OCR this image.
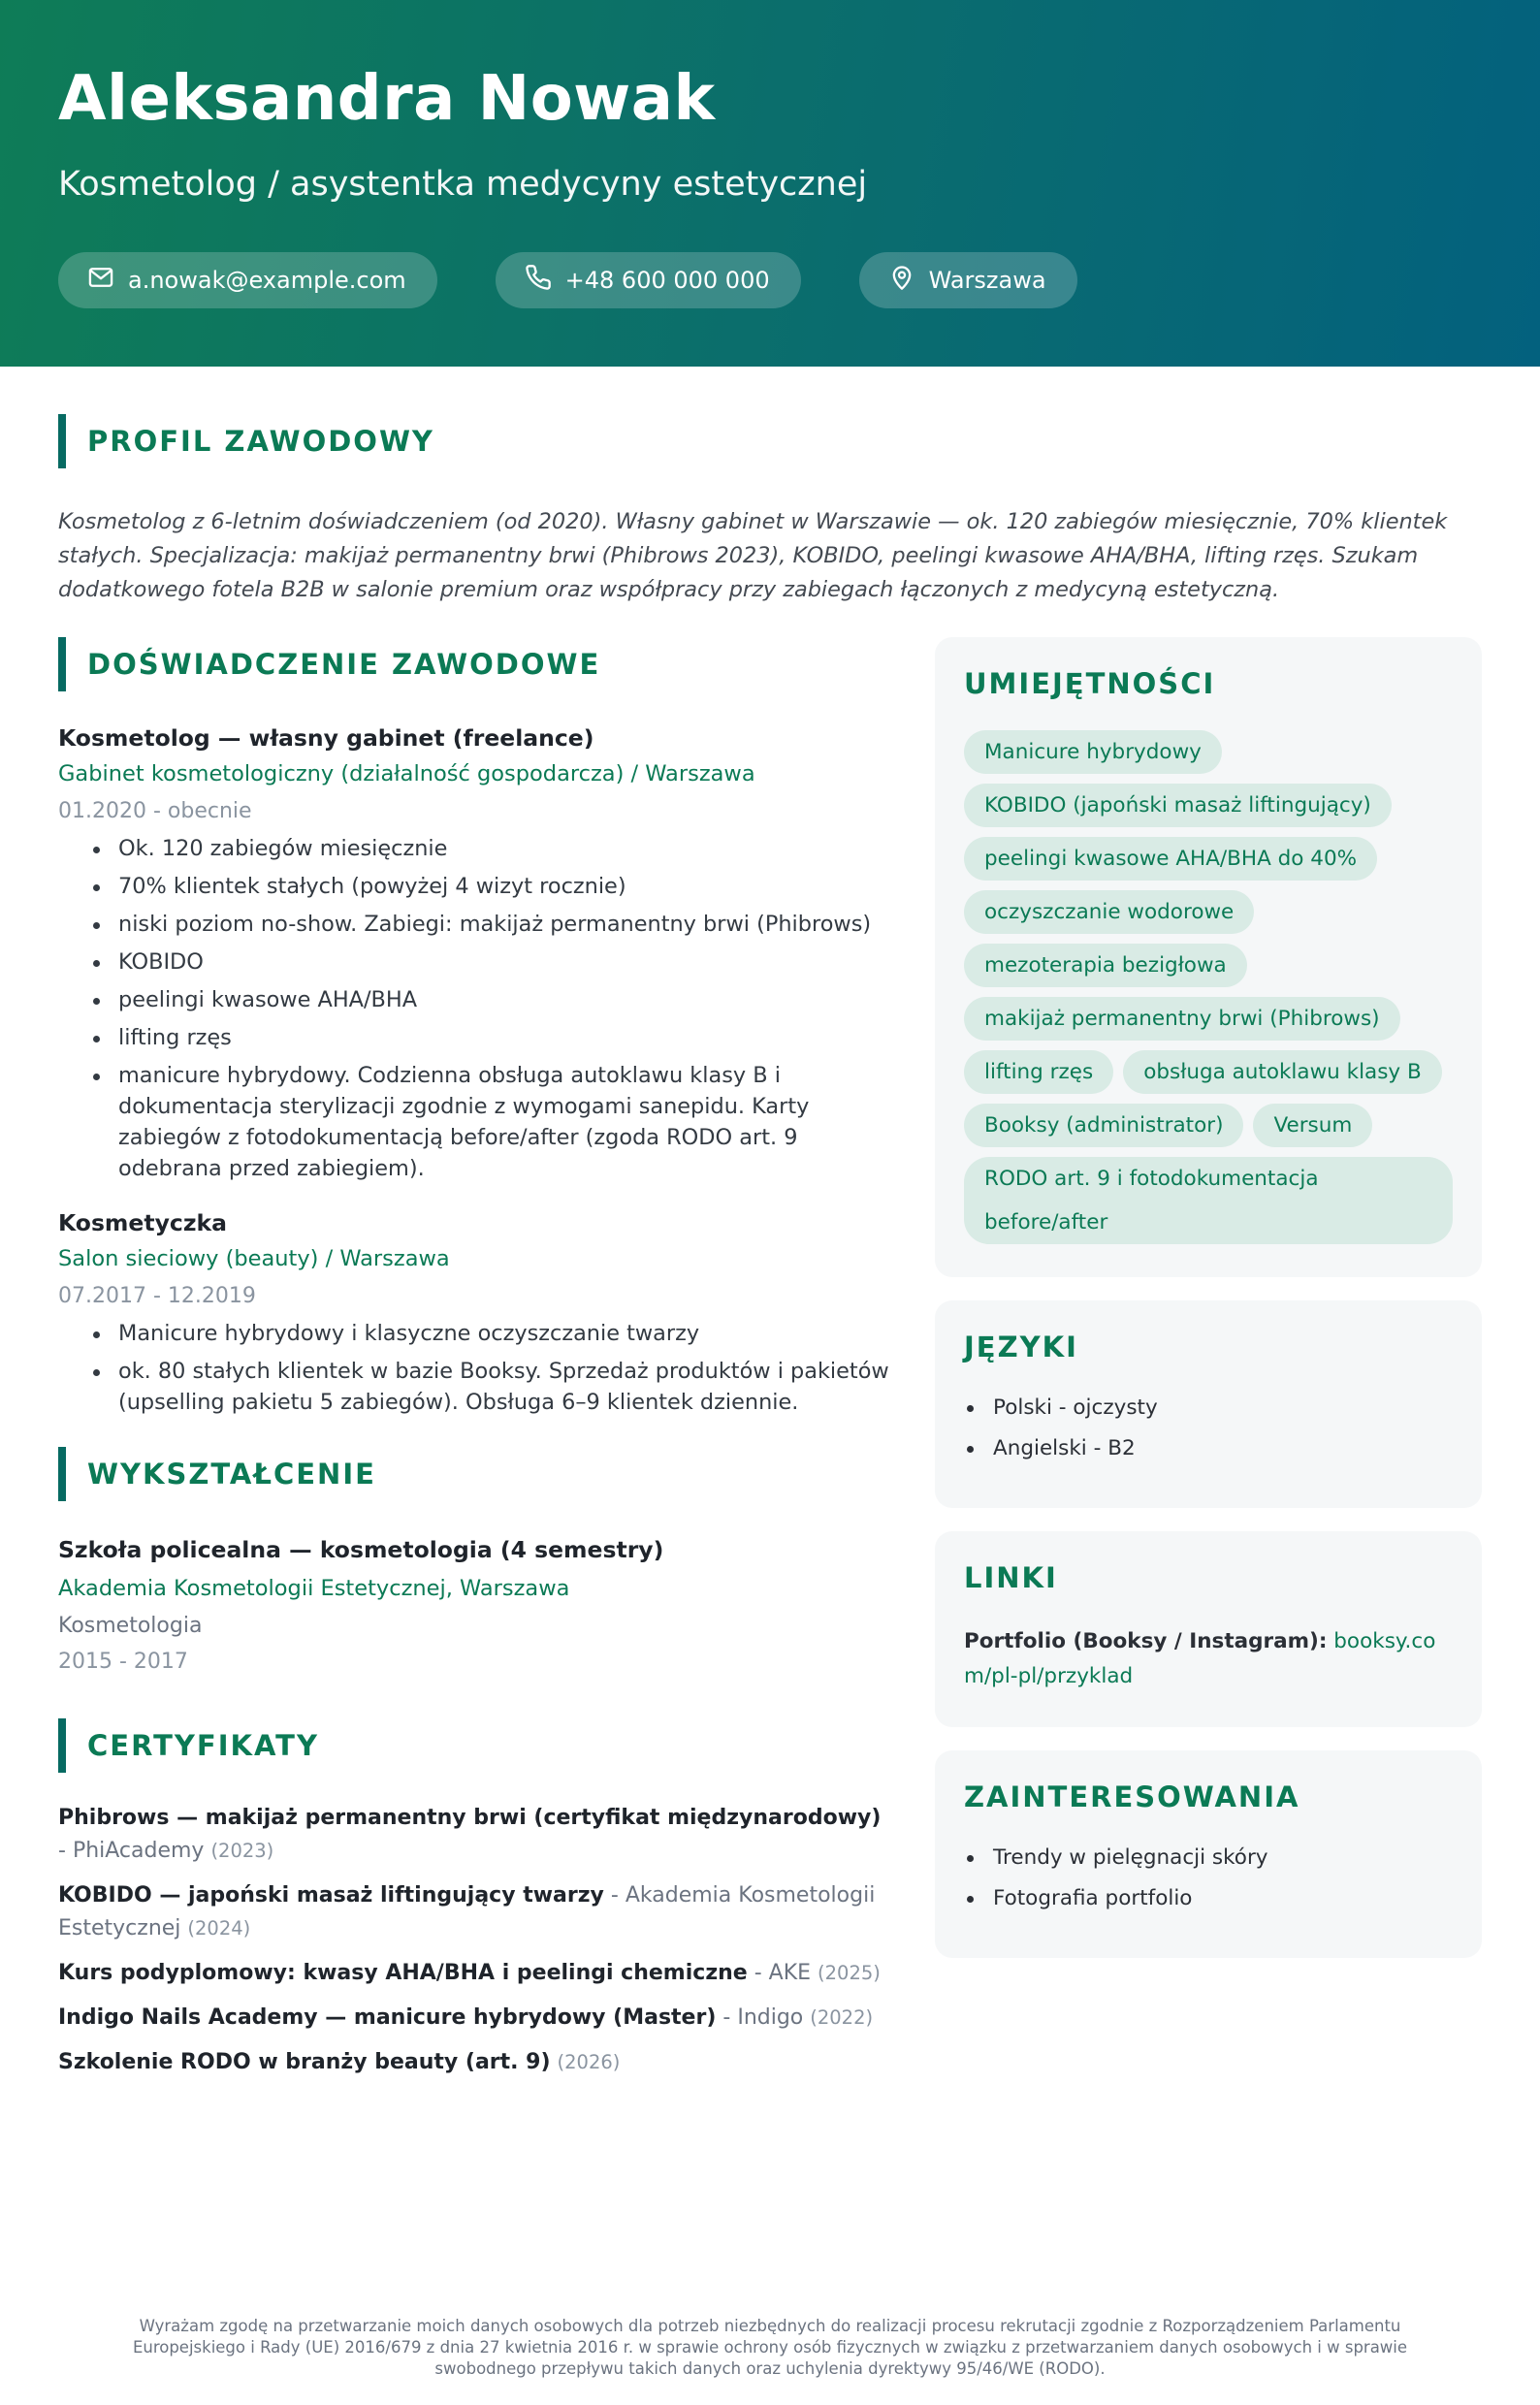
Aleksandra Nowak
Kosmetolog / asystentka medycyny estetycznej
a.nowak@example.com	+48 600 000 000	Warszawa
PROFIL ZAWODOWY

Kosmetolog z 6-letnim doświadczeniem (od 2020). Własny gabinet w Warszawie — ok. 120 zabiegów miesięcznie, 70% klientek stałych. Specjalizacja: makijaż permanentny brwi (Phibrows 2023), KOBIDO, peelingi kwasowe AHA/BHA, lifting rzęs. Szukam dodatkowego fotela B2B w salonie premium oraz współpracy przy zabiegach łączonych z medycyną estetyczną.

DOŚWIADCZENIE ZAWODOWE
Kosmetolog — własny gabinet (freelance)
Gabinet kosmetologiczny (działalność gospodarcza) / Warszawa
01.2020 - obecnie
Ok. 120 zabiegów miesięcznie
70% klientek stałych (powyżej 4 wizyt rocznie)
niski poziom no-show. Zabiegi: makijaż permanentny brwi (Phibrows)
KOBIDO
peelingi kwasowe AHA/BHA
lifting rzęs
manicure hybrydowy. Codzienna obsługa autoklawu klasy B i dokumentacja sterylizacji zgodnie z wymogami sanepidu. Karty zabiegów z fotodokumentacją before/after (zgoda RODO art. 9 odebrana przed zabiegiem).
Kosmetyczka
Salon sieciowy (beauty) / Warszawa
07.2017 - 12.2019
Manicure hybrydowy i klasyczne oczyszczanie twarzy
ok. 80 stałych klientek w bazie Booksy. Sprzedaż produktów i pakietów (upselling pakietu 5 zabiegów). Obsługa 6–9 klientek dziennie.
WYKSZTAŁCENIE
Szkoła policealna — kosmetologia (4 semestry)
Akademia Kosmetologii Estetycznej, Warszawa
Kosmetologia
2015 - 2017
CERTYFIKATY
Phibrows — makijaż permanentny brwi (certyfikat międzynarodowy) - PhiAcademy (2023)
KOBIDO — japoński masaż liftingujący twarzy - Akademia Kosmetologii Estetycznej (2024)
Kurs podyplomowy: kwasy AHA/BHA i peelingi chemiczne - AKE (2025)
Indigo Nails Academy — manicure hybrydowy (Master) - Indigo (2022)
Szkolenie RODO w branży beauty (art. 9) (2026)
UMIEJĘTNOŚCI
Manicure hybrydowy
KOBIDO (japoński masaż liftingujący)
peelingi kwasowe AHA/BHA do 40%
oczyszczanie wodorowe
mezoterapia bezigłowa
makijaż permanentny brwi (Phibrows)
lifting rzęs	obsługa autoklawu klasy B
Booksy (administrator)	Versum
RODO art. 9 i fotodokumentacja before/after
JĘZYKI
Polski - ojczysty
Angielski - B2
LINKI
Portfolio (Booksy / Instagram): booksy.com/pl-pl/przyklad
ZAINTERESOWANIA
Trendy w pielęgnacji skóry
Fotografia portfolio
Wyrażam zgodę na przetwarzanie moich danych osobowych dla potrzeb niezbędnych do realizacji procesu rekrutacji zgodnie z Rozporządzeniem Parlamentu Europejskiego i Rady (UE) 2016/679 z dnia 27 kwietnia 2016 r. w sprawie ochrony osób fizycznych w związku z przetwarzaniem danych osobowych i w sprawie swobodnego przepływu takich danych oraz uchylenia dyrektywy 95/46/WE (RODO).
